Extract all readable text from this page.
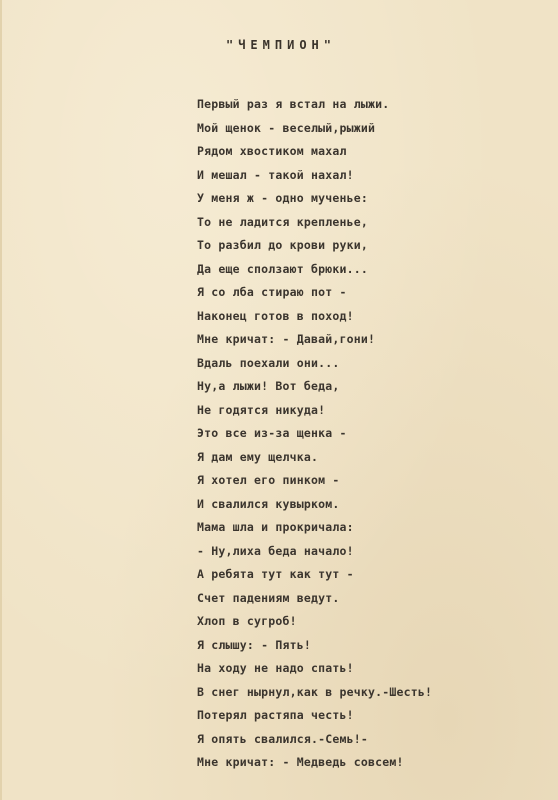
"ЧЕМПИОН"
Первый раз я встал на лыжи.
Мой щенок - веселый,рыжий
Рядом хвостиком махал
И мешал - такой нахал!
У меня ж - одно мученье:
То не ладится крепленье,
То разбил до крови руки,
Да еще сползают брюки...
Я со лба стираю пот -
Наконец готов в поход!
Мне кричат: - Давай,гони!
Вдаль поехали они...
Ну,а лыжи! Вот беда,
Не годятся никуда!
Это все из-за щенка -
Я дам ему щелчка.
Я хотел его пинком -
И свалился кувырком.
Мама шла и прокричала:
- Ну,лиха беда начало!
А ребята тут как тут -
Счет падениям ведут.
Хлоп в сугроб!
Я слышу: - Пять!
На ходу не надо спать!
В снег нырнул,как в речку.-Шесть!
Потерял растяпа честь!
Я опять свалился.-Семь!-
Мне кричат: - Медведь совсем!
